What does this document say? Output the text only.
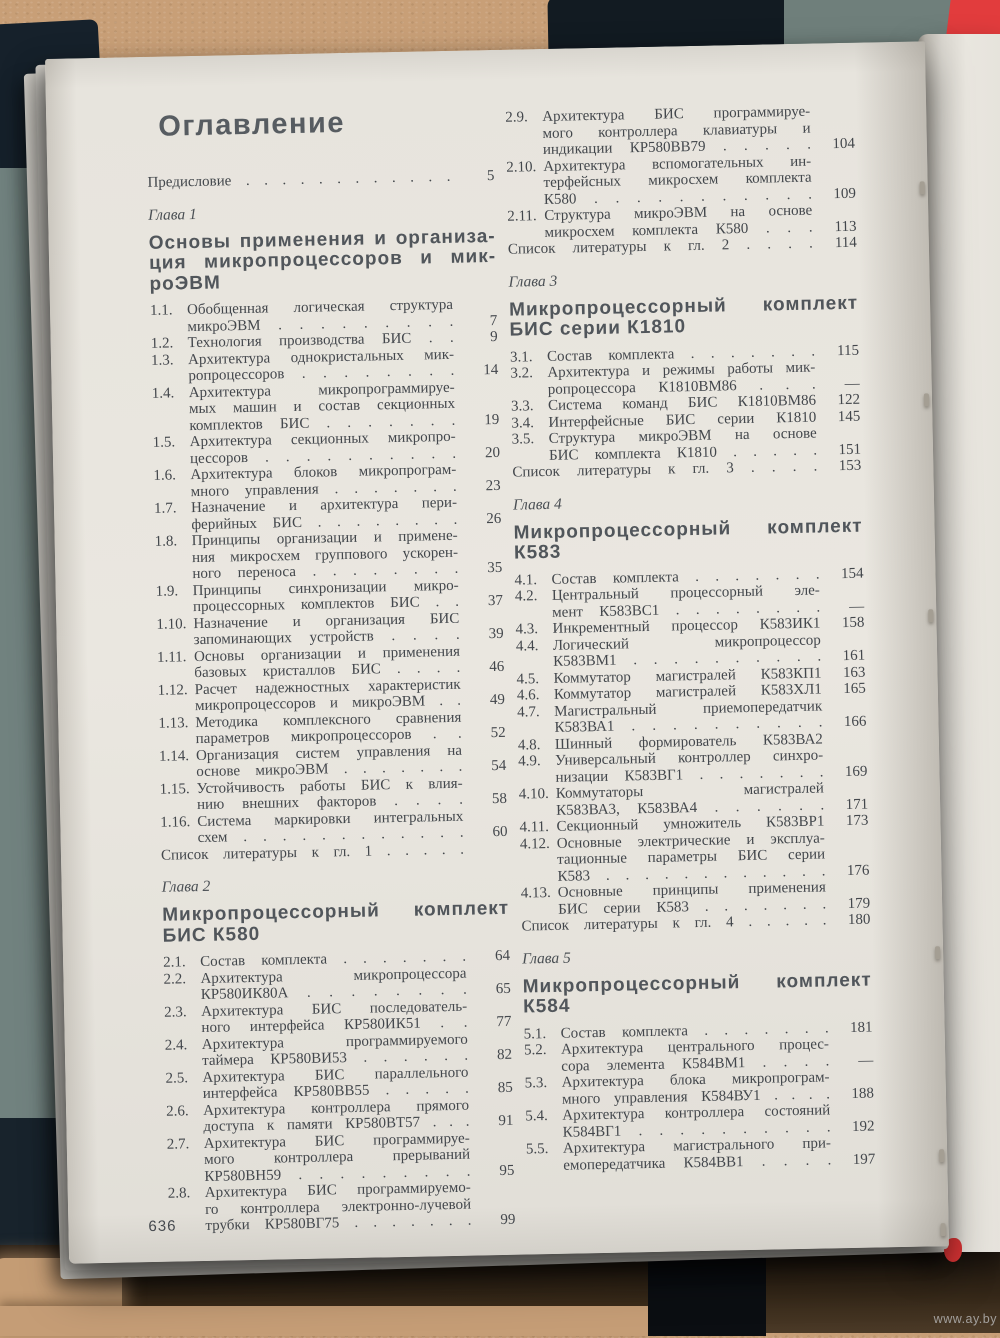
Оглавление
Предисловие . . . . . . . . . . . .	5
Глава 1
Основы применения и организа-
ция микропроцессоров и мик-
роЭВМ
1.1. Обобщенная логическая структура
микроЭВМ . . . . . . . . .	7
1.2. Технология производства БИС . .	9
1.3. Архитектура однокристальных мик-
ропроцессоров . . . . . . . .	14
1.4. Архитектура микропрограммируе-
мых машин и состав секционных
комплектов БИС . . . . . . .	19
1.5. Архитектура секционных микропро-
цессоров . . . . . . . . . .	20
1.6. Архитектура блоков микропрограм-
много управления . . . . . . .	23
1.7. Назначение и архитектура пери-
ферийных БИС . . . . . . . .	26
1.8. Принципы организации и примене-
ния микросхем группового ускорен-
ного переноса . . . . . . . .	35
1.9. Принципы синхронизации микро-
процессорных комплектов БИС . .	37
1.10. Назначение и организация БИС
запоминающих устройств . . . .	39
1.11. Основы организации и применения
базовых кристаллов БИС . . . .	46
1.12. Расчет надежностных характеристик
микропроцессоров и микроЭВМ . .	49
1.13. Методика комплексного сравнения
параметров микропроцессоров . .	52
1.14. Организация систем управления на
основе микроЭВМ . . . . . . .	54
1.15. Устойчивость работы БИС к влия-
нию внешних факторов . . . .	58
1.16. Система маркировки интегральных
схем . . . . . . . . . . . .	60
Список литературы к гл. 1 . . . . .
Глава 2
Микропроцессорный комплект
БИС К580
2.1. Состав комплекта . . . . . . .	64
2.2. Архитектура микропроцессора
КР580ИК80А . . . . . . . .	65
2.3. Архитектура БИС последователь-
ного интерфейса КР580ИК51 . .	77
2.4. Архитектура программируемого
таймера КР580ВИ53 . . . . . .	82
2.5. Архитектура БИС параллельного
интерфейса КР580ВВ55 . . . . .	85
2.6. Архитектура контроллера прямого
доступа к памяти КР580ВТ57 . . .	91
2.7. Архитектура БИС программируе-
мого контроллера прерываний
КР580ВН59 . . . . . . . . .	95
2.8. Архитектура БИС программируемо-
го контроллера электронно-лучевой
трубки КР580ВГ75 . . . . . . .	99
2.9. Архитектура БИС программируе-
мого контроллера клавиатуры и
индикации КР580ВВ79 . . . . .	104
2.10. Архитектура вспомогательных ин-
терфейсных микросхем комплекта
К580 . . . . . . . . . . .	109
2.11. Структура микроЭВМ на основе
микросхем комплекта К580 . . .	113
Список литературы к гл. 2 . . . .	114
Глава 3
Микропроцессорный комплект
БИС серии К1810
3.1. Состав комплекта . . . . . . .	115
3.2. Архитектура и режимы работы мик-
ропроцессора К1810ВМ86 . . .	—
3.3. Система команд БИС К1810ВМ86	122
3.4. Интерфейсные БИС серии К1810	145
3.5. Структура микроЭВМ на основе
БИС комплекта К1810 . . . . .	151
Список литературы к гл. 3 . . . .	153
Глава 4
Микропроцессорный комплект
К583
4.1. Состав комплекта . . . . . . .	154
4.2. Центральный процессорный эле-
мент К583ВС1 . . . . . . . .	—
4.3. Инкрементный процессор К583ИК1	158
4.4. Логический микропроцессор
К583ВМ1 . . . . . . . . . .	161
4.5. Коммутатор магистралей К583КП1	163
4.6. Коммутатор магистралей К583ХЛ1	165
4.7. Магистральный приемопередатчик
К583ВА1 . . . . . . . . . .	166
4.8. Шинный формирователь К583ВА2
4.9. Универсальный контроллер синхро-
низации К583ВГ1 . . . . . . .	169
4.10. Коммутаторы магистралей
К583ВА3, К583ВА4 . . . . . .	171
4.11. Секционный умножитель К583ВР1	173
4.12. Основные электрические и эксплуа-
тационные параметры БИС серии
К583 . . . . . . . . . . . .	176
4.13. Основные принципы применения
БИС серии К583 . . . . . . .	179
Список литературы к гл. 4 . . . . .	180
Глава 5
Микропроцессорный комплект
К584
5.1. Состав комплекта . . . . . . .	181
5.2. Архитектура центрального процес-
сора элемента К584ВМ1 . . . .	—
5.3. Архитектура блока микропрограм-
много управления К584ВУ1 . . . .	188
5.4. Архитектура контроллера состояний
К584ВГ1 . . . . . . . . . .	192
5.5. Архитектура магистрального при-
емопередатчика К584ВВ1 . . . .	197
636
www.ay.by
